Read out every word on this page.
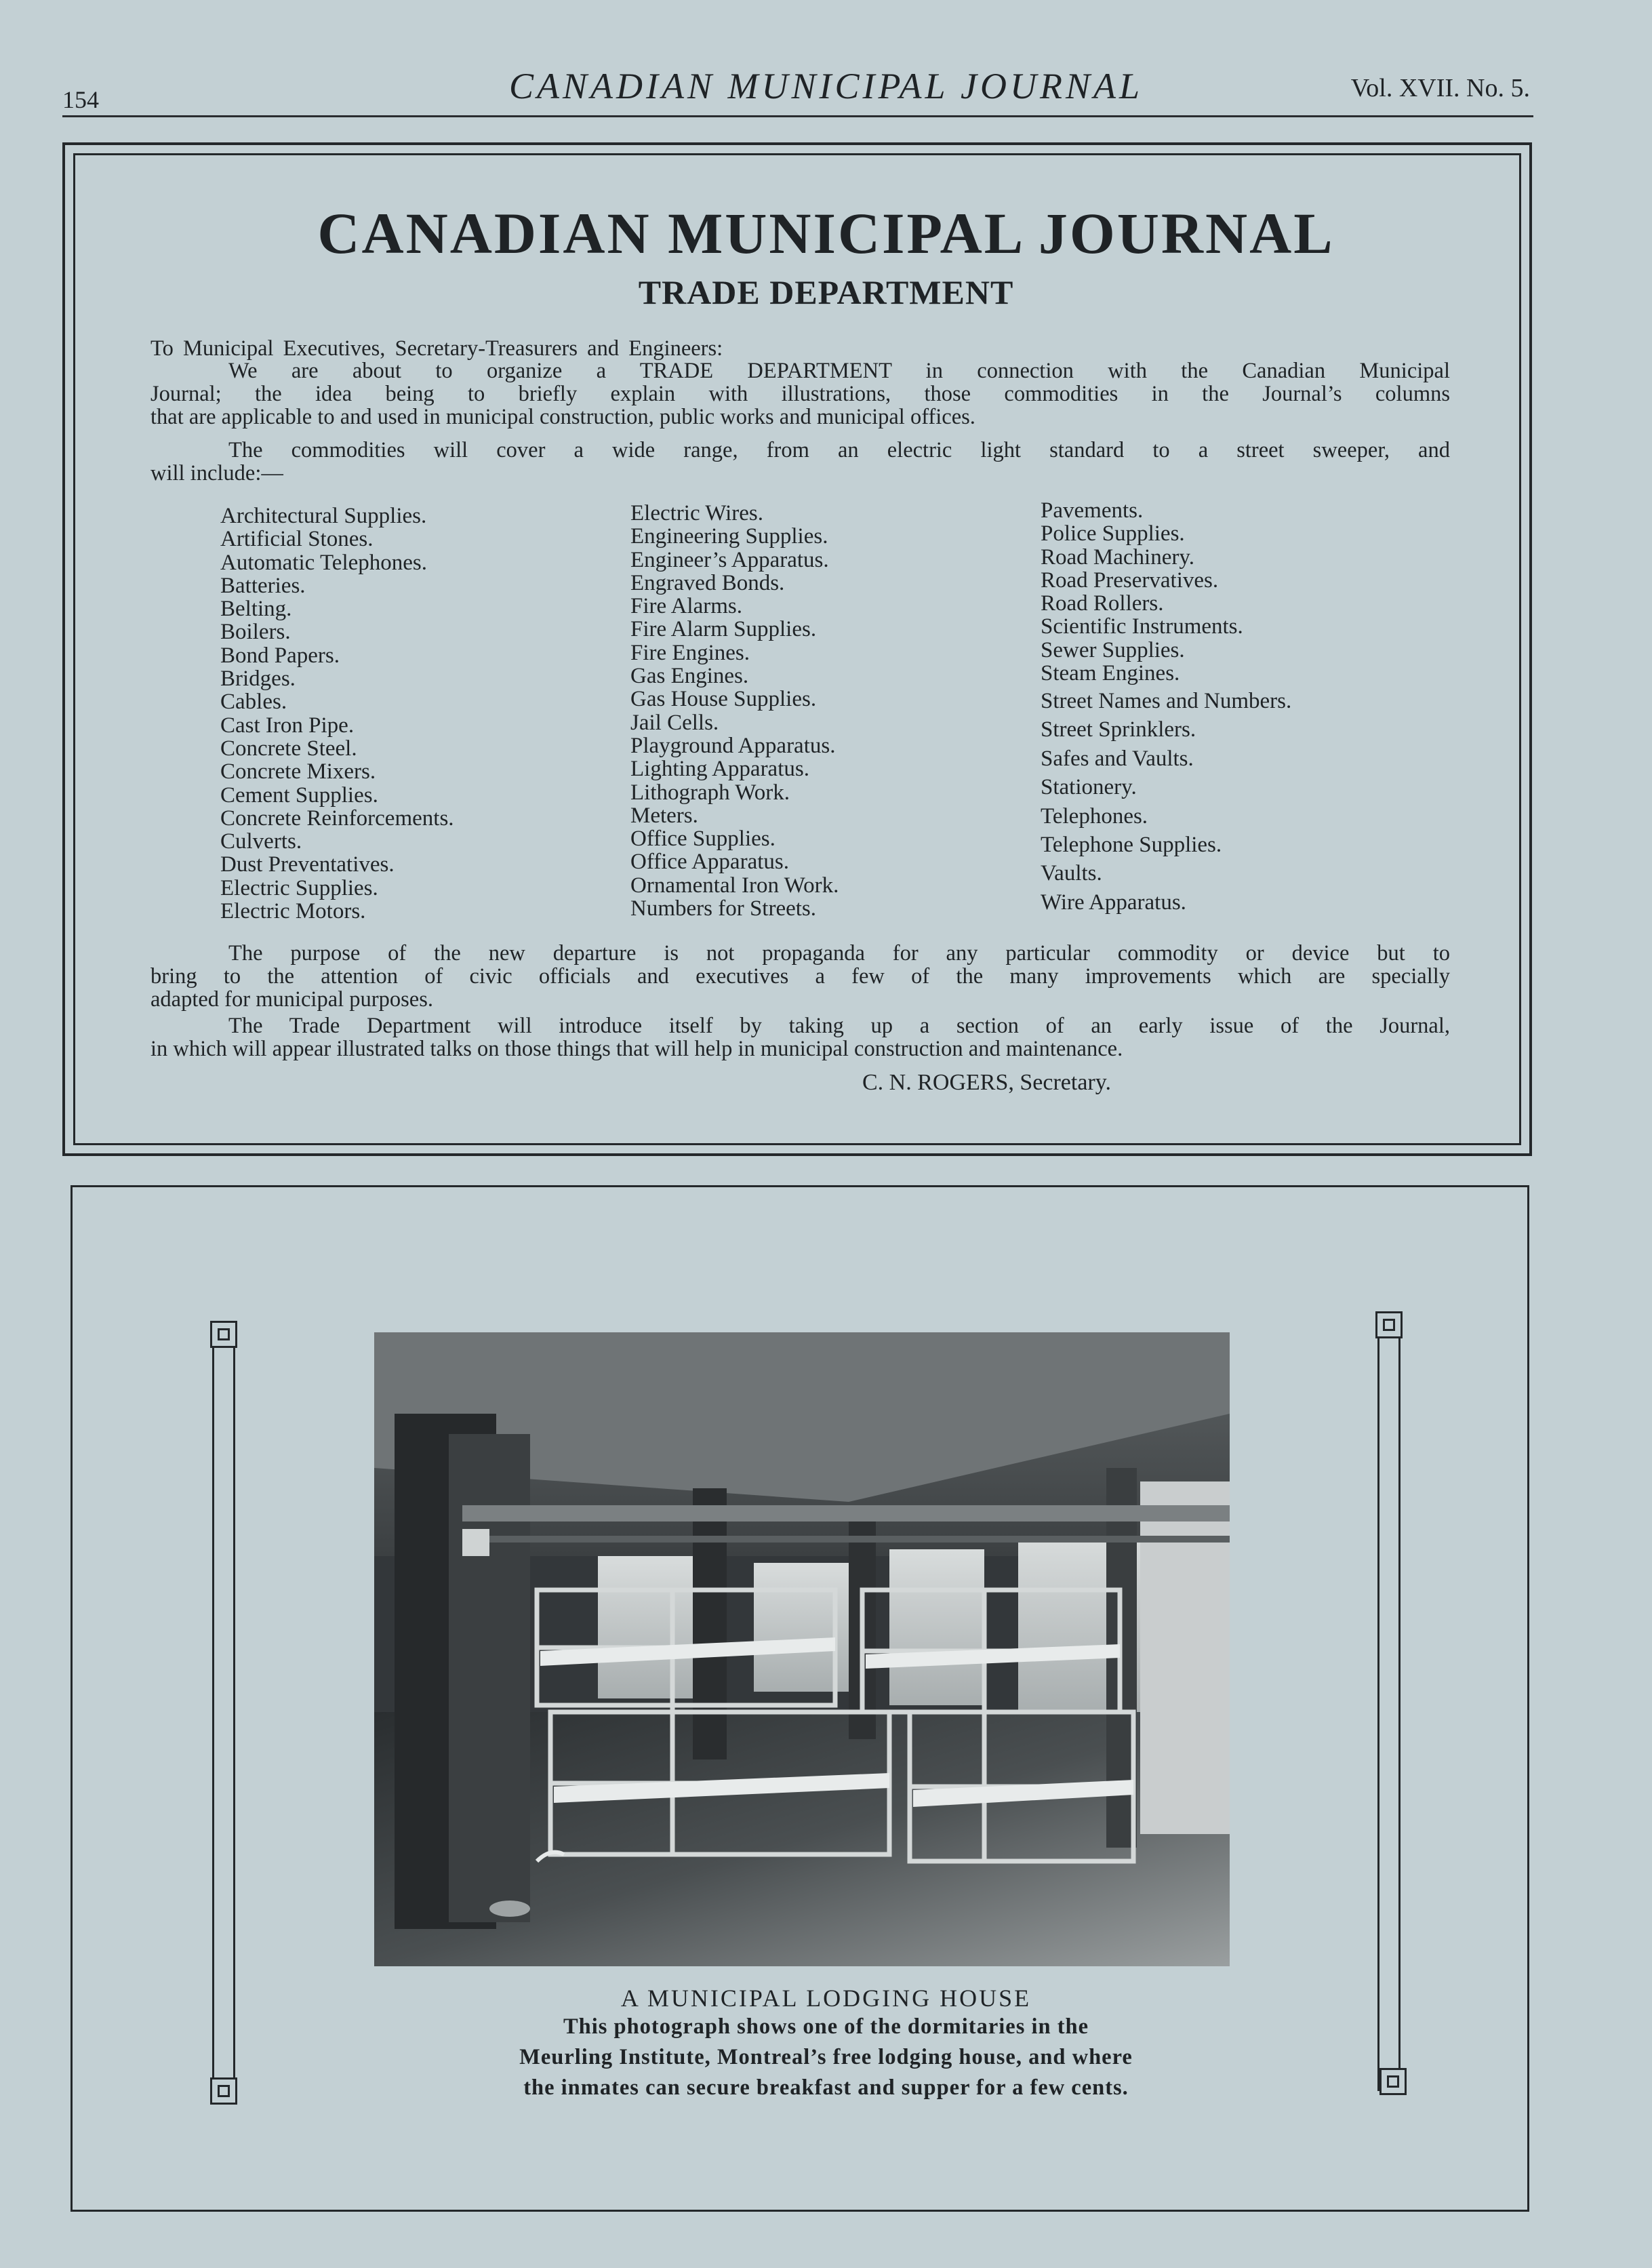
154	CANADIAN MUNICIPAL JOURNAL	Vol. XVII. No. 5.
CANADIAN MUNICIPAL JOURNAL
TRADE DEPARTMENT
To Municipal Executives, Secretary-Treasurers and Engineers:
We are about to organize a TRADE DEPARTMENT in connection with the Canadian Municipal
Journal; the idea being to briefly explain with illustrations, those commodities in the Journal’s columns
that are applicable to and used in municipal construction, public works and municipal offices.
The commodities will cover a wide range, from an electric light standard to a street sweeper, and
will include:—
Architectural Supplies.
Artificial Stones.
Automatic Telephones.
Batteries.
Belting.
Boilers.
Bond Papers.
Bridges.
Cables.
Cast Iron Pipe.
Concrete Steel.
Concrete Mixers.
Cement Supplies.
Concrete Reinforcements.
Culverts.
Dust Preventatives.
Electric Supplies.
Electric Motors.
Electric Wires.
Engineering Supplies.
Engineer’s Apparatus.
Engraved Bonds.
Fire Alarms.
Fire Alarm Supplies.
Fire Engines.
Gas Engines.
Gas House Supplies.
Jail Cells.
Playground Apparatus.
Lighting Apparatus.
Lithograph Work.
Meters.
Office Supplies.
Office Apparatus.
Ornamental Iron Work.
Numbers for Streets.
Pavements.
Police Supplies.
Road Machinery.
Road Preservatives.
Road Rollers.
Scientific Instruments.
Sewer Supplies.
Steam Engines.
Street Names and Numbers.
Street Sprinklers.
Safes and Vaults.
Stationery.
Telephones.
Telephone Supplies.
Vaults.
Wire Apparatus.
The purpose of the new departure is not propaganda for any particular commodity or device but to
bring to the attention of civic officials and executives a few of the many improvements which are specially
adapted for municipal purposes.
The Trade Department will introduce itself by taking up a section of an early issue of the Journal,
in which will appear illustrated talks on those things that will help in municipal construction and maintenance.
C. N. ROGERS, Secretary.
A MUNICIPAL LODGING HOUSE
This photograph shows one of the dormitaries in the
Meurling Institute, Montreal’s free lodging house, and where
the inmates can secure breakfast and supper for a few cents.
